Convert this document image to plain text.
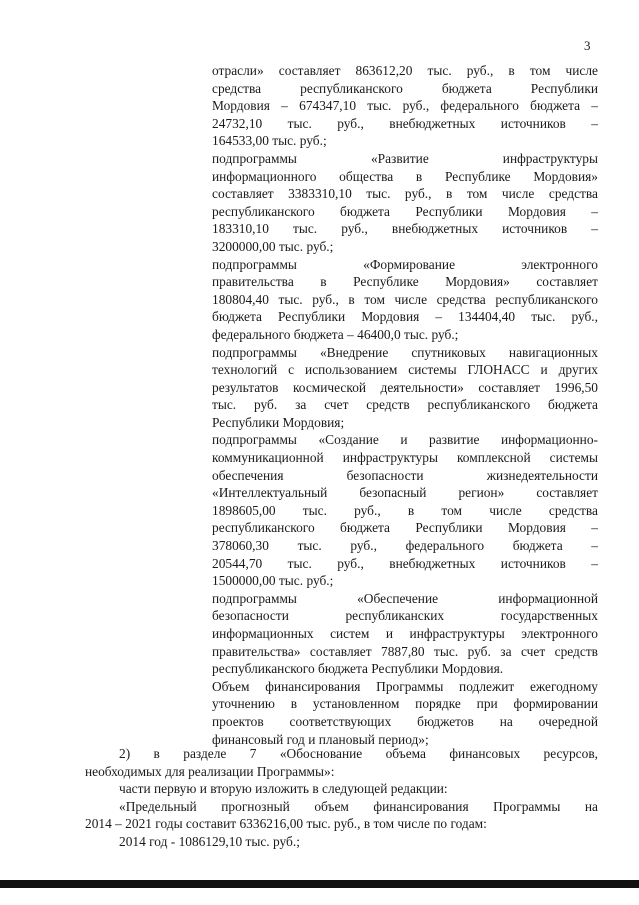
3

отрасли» составляет 863612,20 тыс. руб., в том числе

средства республиканского бюджета Республики

Мордовия – 674347,10 тыс. руб., федерального бюджета –

24732,10 тыс. руб., внебюджетных источников –

164533,00 тыс. руб.;

подпрограммы «Развитие инфраструктуры

информационного общества в Республике Мордовия»

составляет 3383310,10 тыс. руб., в том числе средства

республиканского бюджета Республики Мордовия –

183310,10 тыс. руб., внебюджетных источников –

3200000,00 тыс. руб.;

подпрограммы «Формирование электронного

правительства в Республике Мордовия» составляет

180804,40 тыс. руб., в том числе средства республиканского

бюджета Республики Мордовия – 134404,40 тыс. руб.,

федерального бюджета – 46400,0 тыс. руб.;

подпрограммы «Внедрение спутниковых навигационных

технологий с использованием системы ГЛОНАСС и других

результатов космической деятельности» составляет 1996,50

тыс. руб. за счет средств республиканского бюджета

Республики Мордовия;

подпрограммы «Создание и развитие информационно-

коммуникационной инфраструктуры комплексной системы

обеспечения безопасности жизнедеятельности

«Интеллектуальный безопасный регион» составляет

1898605,00 тыс. руб., в том числе средства

республиканского бюджета Республики Мордовия –

378060,30 тыс. руб., федерального бюджета –

20544,70 тыс. руб., внебюджетных источников –

1500000,00 тыс. руб.;

подпрограммы «Обеспечение информационной

безопасности республиканских государственных

информационных систем и инфраструктуры электронного

правительства» составляет 7887,80 тыс. руб. за счет средств

республиканского бюджета Республики Мордовия.

Объем финансирования Программы подлежит ежегодному

уточнению в установленном порядке при формировании

проектов соответствующих бюджетов на очередной

финансовый год и плановый период»;

2) в разделе 7 «Обоснование объема финансовых ресурсов,

необходимых для реализации Программы»:

части первую и вторую изложить в следующей редакции:

«Предельный прогнозный объем финансирования Программы на

2014 – 2021 годы составит 6336216,00 тыс. руб., в том числе по годам:

2014 год - 1086129,10 тыс. руб.;
